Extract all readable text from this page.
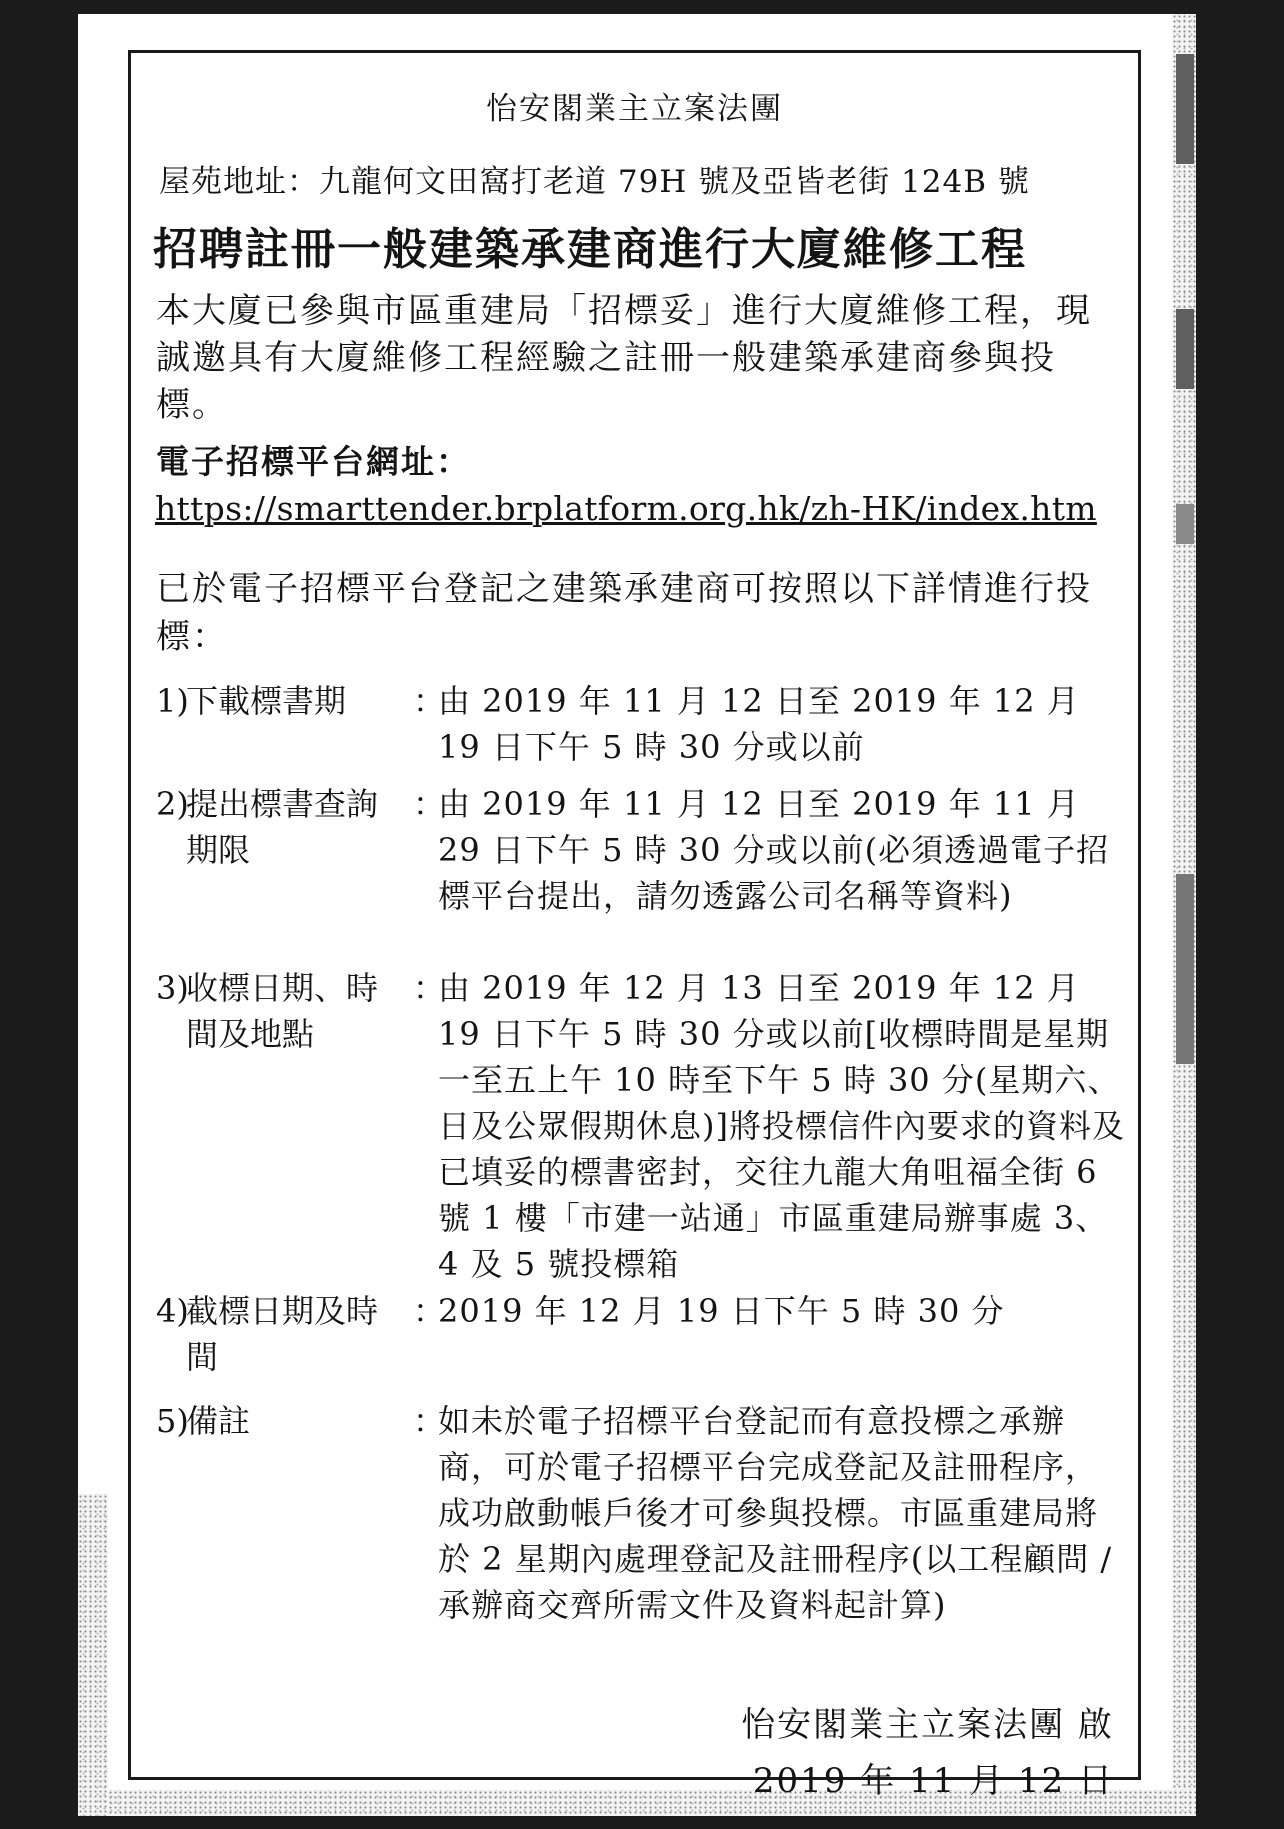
怡安閣業主立案法團
屋苑地址：九龍何文田窩打老道 79H 號及亞皆老街 124B 號
招聘註冊一般建築承建商進行大廈維修工程
本大廈已參與市區重建局「招標妥」進行大廈維修工程，現誠邀具有大廈維修工程經驗之註冊一般建築承建商參與投標。
電子招標平台網址：
https://smarttender.brplatform.org.hk/zh-HK/index.htm
已於電子招標平台登記之建築承建商可按照以下詳情進行投標：
1)
下載標書期	：
由 2019 年 11 月 12 日至 2019 年 12 月 19 日下午 5 時 30 分或以前
2)
提出標書查詢期限
：
由 2019 年 11 月 12 日至 2019 年 11 月 29 日下午 5 時 30 分或以前(必須透過電子招標平台提出，請勿透露公司名稱等資料)
3)
收標日期、時間及地點
：
由 2019 年 12 月 13 日至 2019 年 12 月 19 日下午 5 時 30 分或以前[收標時間是星期一至五上午 10 時至下午 5 時 30 分(星期六、日及公眾假期休息)]將投標信件內要求的資料及已填妥的標書密封，交往九龍大角咀福全街 6 號 1 樓「市建一站通」市區重建局辦事處 3、4 及 5 號投標箱
4)
截標日期及時間
：
2019 年 12 月 19 日下午 5 時 30 分
5)
備註	：
如未於電子招標平台登記而有意投標之承辦商，可於電子招標平台完成登記及註冊程序，成功啟動帳戶後才可參與投標。市區重建局將於 2 星期內處理登記及註冊程序(以工程顧問 / 承辦商交齊所需文件及資料起計算)
怡安閣業主立案法團 啟
2019 年 11 月 12 日
